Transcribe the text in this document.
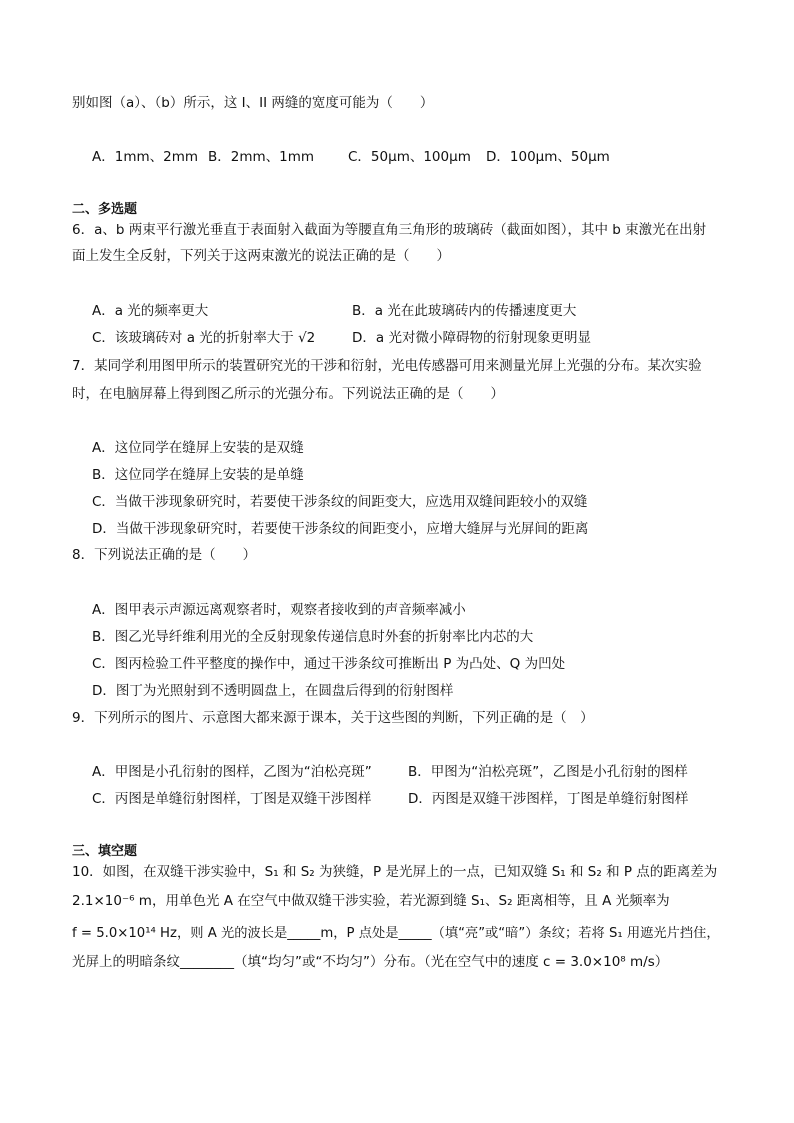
别如图（a）、（b）所示，这 I、II 两缝的宽度可能为（　　）
A．1mm、2mm B．2mm、1mm	C．50μm、100μm D．100μm、50μm
二、多选题
6．a、b 两束平行激光垂直于表面射入截面为等腰直角三角形的玻璃砖（截面如图），其中 b 束激光在出射
面上发生全反射，下列关于这两束激光的说法正确的是（　　）
A．a 光的频率更大	B．a 光在此玻璃砖内的传播速度更大
C．该玻璃砖对 a 光的折射率大于 √2	D．a 光对微小障碍物的衍射现象更明显
7．某同学利用图甲所示的装置研究光的干涉和衍射，光电传感器可用来测量光屏上光强的分布。某次实验
时，在电脑屏幕上得到图乙所示的光强分布。下列说法正确的是（　　）
A．这位同学在缝屏上安装的是双缝
B．这位同学在缝屏上安装的是单缝
C．当做干涉现象研究时，若要使干涉条纹的间距变大，应选用双缝间距较小的双缝
D．当做干涉现象研究时，若要使干涉条纹的间距变小，应增大缝屏与光屏间的距离
8．下列说法正确的是（　　）
A．图甲表示声源远离观察者时，观察者接收到的声音频率减小
B．图乙光导纤维利用光的全反射现象传递信息时外套的折射率比内芯的大
C．图丙检验工件平整度的操作中，通过干涉条纹可推断出 P 为凸处、Q 为凹处
D．图丁为光照射到不透明圆盘上，在圆盘后得到的衍射图样
9．下列所示的图片、示意图大都来源于课本，关于这些图的判断，下列正确的是（　）
A．甲图是小孔衍射的图样，乙图为“泊松亮斑”	B．甲图为“泊松亮斑”，乙图是小孔衍射的图样
C．丙图是单缝衍射图样，丁图是双缝干涉图样	D．丙图是双缝干涉图样，丁图是单缝衍射图样
三、填空题
10．如图，在双缝干涉实验中，S₁ 和 S₂ 为狭缝，P 是光屏上的一点，已知双缝 S₁ 和 S₂ 和 P 点的距离差为
2.1×10⁻⁶ m，用单色光 A 在空气中做双缝干涉实验，若光源到缝 S₁、S₂ 距离相等，且 A 光频率为
f = 5.0×10¹⁴ Hz，则 A 光的波长是_____m，P 点处是_____（填“亮”或“暗”）条纹；若将 S₁ 用遮光片挡住，
光屏上的明暗条纹________（填“均匀”或“不均匀”）分布。（光在空气中的速度 c = 3.0×10⁸ m/s）
